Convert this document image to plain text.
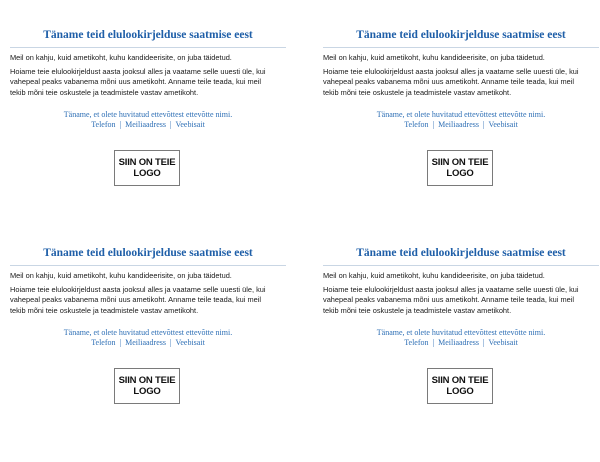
Täname teid elulookirjelduse saatmise eest
Meil on kahju, kuid ametikoht, kuhu kandideerisite, on juba täidetud.
Hoiame teie elulookirjeldust aasta jooksul alles ja vaatame selle uuesti üle, kui
vahepeal peaks vabanema mõni uus ametikoht. Anname teile teada, kui meil
tekib mõni teie oskustele ja teadmistele vastav ametikoht.
Täname, et olete huvitatud ettevõttest ettevõtte nimi.
Telefon | Meiliaadress | Veebisait
SIIN ON TEIE
LOGO
Täname teid elulookirjelduse saatmise eest
Meil on kahju, kuid ametikoht, kuhu kandideerisite, on juba täidetud.
Hoiame teie elulookirjeldust aasta jooksul alles ja vaatame selle uuesti üle, kui
vahepeal peaks vabanema mõni uus ametikoht. Anname teile teada, kui meil
tekib mõni teie oskustele ja teadmistele vastav ametikoht.
Täname, et olete huvitatud ettevõttest ettevõtte nimi.
Telefon | Meiliaadress | Veebisait
SIIN ON TEIE
LOGO
Täname teid elulookirjelduse saatmise eest
Meil on kahju, kuid ametikoht, kuhu kandideerisite, on juba täidetud.
Hoiame teie elulookirjeldust aasta jooksul alles ja vaatame selle uuesti üle, kui
vahepeal peaks vabanema mõni uus ametikoht. Anname teile teada, kui meil
tekib mõni teie oskustele ja teadmistele vastav ametikoht.
Täname, et olete huvitatud ettevõttest ettevõtte nimi.
Telefon | Meiliaadress | Veebisait
SIIN ON TEIE
LOGO
Täname teid elulookirjelduse saatmise eest
Meil on kahju, kuid ametikoht, kuhu kandideerisite, on juba täidetud.
Hoiame teie elulookirjeldust aasta jooksul alles ja vaatame selle uuesti üle, kui
vahepeal peaks vabanema mõni uus ametikoht. Anname teile teada, kui meil
tekib mõni teie oskustele ja teadmistele vastav ametikoht.
Täname, et olete huvitatud ettevõttest ettevõtte nimi.
Telefon | Meiliaadress | Veebisait
SIIN ON TEIE
LOGO
